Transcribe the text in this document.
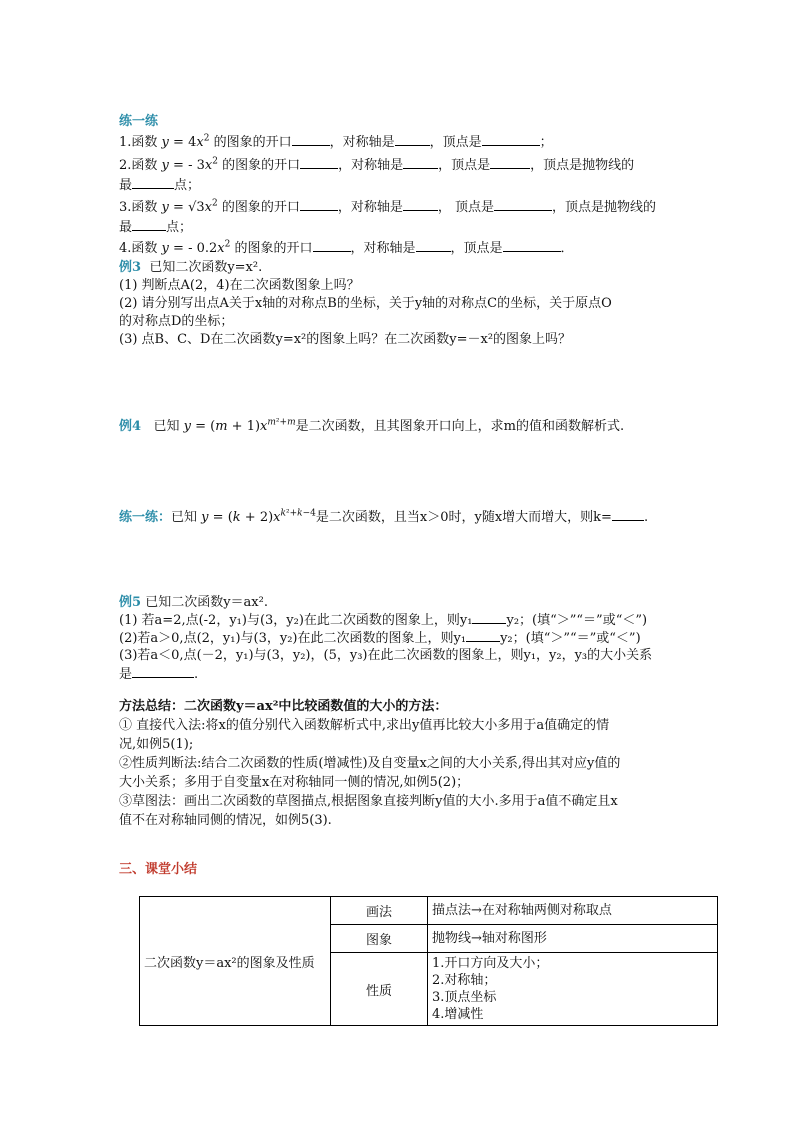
练一练
1.函数 $y = 4x^2$ 的图象的开口	，对称轴是	，顶点是	；
2.函数 y = - $3x^2$ 的图象的开口	，对称轴是	，顶点是	，顶点是抛物线的
最	点；
3.函数 $y = √3x^2$ 的图象的开口	，对称轴是	， 顶点是	，顶点是抛物线的
最	点；
4.函数 y = - $0.2x^2$ 的图象的开口	，对称轴是	，顶点是	．
例3 已知二次函数y=x².
(1) 判断点A(2，4)在二次函数图象上吗？
(2) 请分别写出点A关于x轴的对称点B的坐标，关于y轴的对称点C的坐标，关于原点O
的对称点D的坐标；
(3) 点B、C、D在二次函数y=x²的图象上吗？在二次函数y=－x²的图象上吗？
例4 已知 $y = (m + 1)x^{m^2+m}$是二次函数，且其图象开口向上，求m的值和函数解析式.
练一练：已知 $y = (k + 2)x^{k^2+k-4}$是二次函数，且当x＞0时，y随x增大而增大，则k= .
例5 已知二次函数y＝ax².
(1) 若a=2,点(-2，y₁)与(3，y₂)在此二次函数的图象上，则y₁	y₂；(填“＞”“＝”或“＜”)
(2)若a＞0,点(2，y₁)与(3，y₂)在此二次函数的图象上，则y₁	y₂；(填“＞”“＝”或“＜”)
(3)若a＜0,点(－2，y₁)与(3，y₂)，(5，y₃)在此二次函数的图象上，则y₁，y₂，y₃的大小关系
是	.
方法总结：二次函数y＝ax²中比较函数值的大小的方法：
① 直接代入法:将x的值分别代入函数解析式中,求出y值再比较大小多用于a值确定的情
况,如例5(1);
②性质判断法:结合二次函数的性质(增减性)及自变量x之间的大小关系,得出其对应y值的
大小关系；多用于自变量x在对称轴同一侧的情况,如例5(2)；
③草图法：画出二次函数的草图描点,根据图象直接判断y值的大小.多用于a值不确定且x
值不在对称轴同侧的情况，如例5(3).
三、课堂小结
二次函数y＝ax²的图象及性质	画法	描点法→在对称轴两侧对称取点
	图象	抛物线→轴对称图形
	性质	1.开口方向及大小；
2.对称轴；
3.顶点坐标
4.增减性
